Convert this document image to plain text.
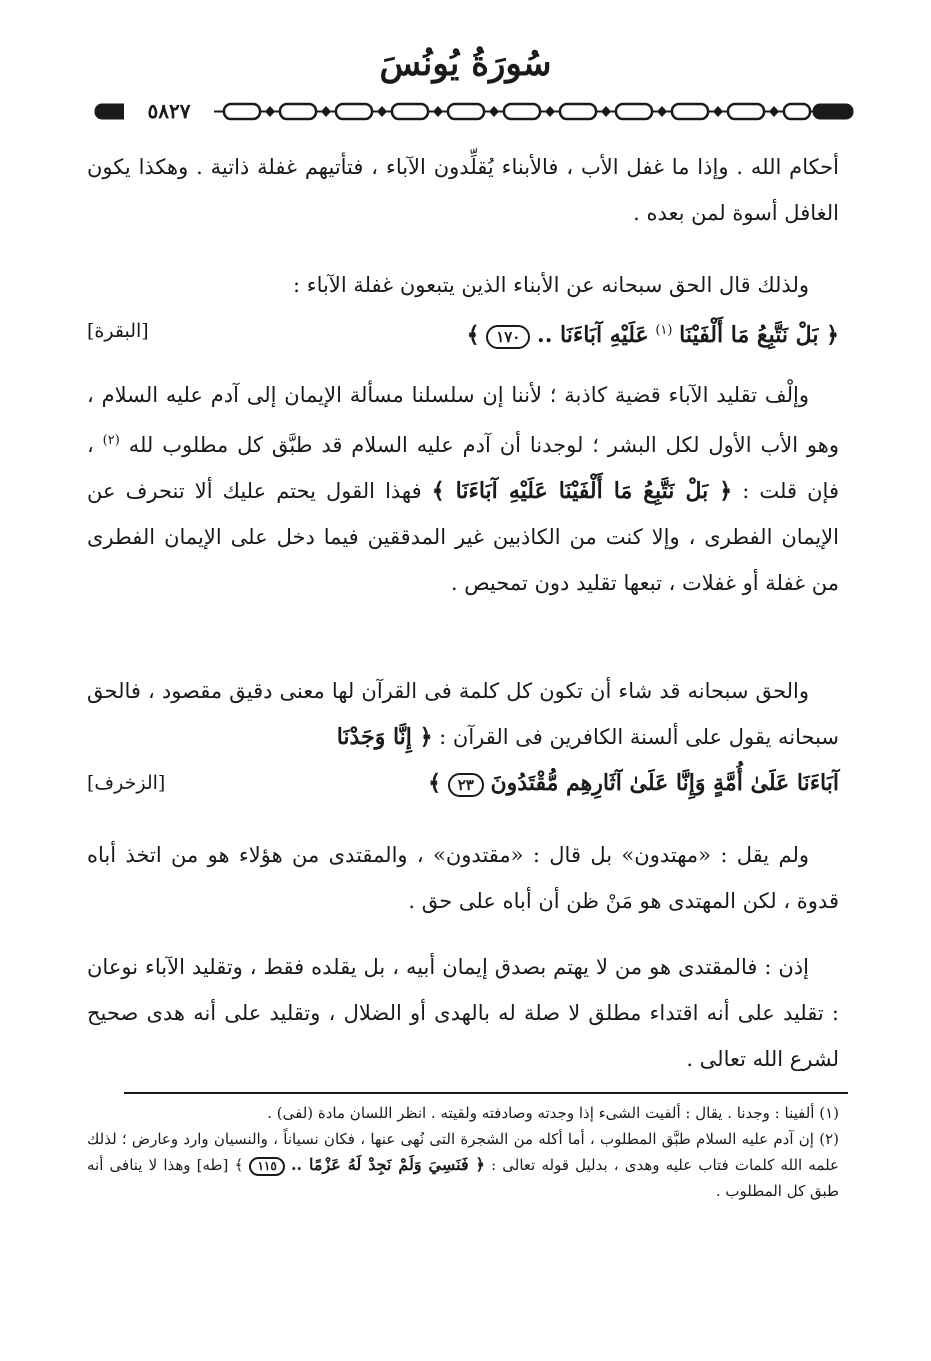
سُورَةُ يُونُسَ
٥٨٢٧

أحكام الله . وإذا ما غفل الأب ، فالأبناء يُقلِّدون الآباء ، فتأتيهم غفلة ذاتية . وهكذا يكون الغافل أسوة لمن بعده .

ولذلك قال الحق سبحانه عن الأبناء الذين يتبعون غفلة الآباء :

﴿ بَلْ نَتَّبِعُ مَا أَلْفَيْنَا $^{(١)}$ عَلَيْهِ آبَاءَنَا .. ١٧٠ ﴾
[البقرة]

وإلْف تقليد الآباء قضية كاذبة ؛ لأننا إن سلسلنا مسألة الإيمان إلى آدم عليه السلام ، وهو الأب الأول لكل البشر ؛ لوجدنا أن آدم عليه السلام قد طبَّق كل مطلوب لله $^{(٢)}$ ، فإن قلت : ﴿ بَلْ نَتَّبِعُ مَا أَلْفَيْنَا عَلَيْهِ آبَاءَنَا ﴾ فهذا القول يحتم عليك ألا تنحرف عن الإيمان الفطرى ، وإلا كنت من الكاذبين غير المدققين فيما دخل على الإيمان الفطرى من غفلة أو غفلات ، تبعها تقليد دون تمحيص .

والحق سبحانه قد شاء أن تكون كل كلمة فى القرآن لها معنى دقيق مقصود ، فالحق سبحانه يقول على ألسنة الكافرين فى القرآن : ﴿ إِنَّا وَجَدْنَا

آبَاءَنَا عَلَىٰ أُمَّةٍ وَإِنَّا عَلَىٰ آثَارِهِم مُّقْتَدُونَ ٢٣ ﴾
[الزخرف]

ولم يقل : «مهتدون» بل قال : «مقتدون» ، والمقتدى من هؤلاء هو من اتخذ أباه قدوة ، لكن المهتدى هو مَنْ ظن أن أباه على حق .

إذن : فالمقتدى هو من لا يهتم بصدق إيمان أبيه ، بل يقلده فقط ، وتقليد الآباء نوعان : تقليد على أنه اقتداء مطلق لا صلة له بالهدى أو الضلال ، وتقليد على أنه هدى صحيح لشرع الله تعالى .

(١) ألفينا : وجدنا . يقال : ألفيت الشىء إذا وجدته وصادفته ولقيته . انظر اللسان مادة (لفى) .

(٢) إن آدم عليه السلام طبَّق المطلوب ، أما أكله من الشجرة التى نُهى عنها ، فكان نسياناً ، والنسيان وارد وعارض ؛ لذلك علمه الله كلمات فتاب عليه وهدى ، بدليل قوله تعالى : ﴿ فَنَسِيَ وَلَمْ نَجِدْ لَهُ عَزْمًا .. ١١٥ ﴾ [طه] وهذا لا ينافى أنه طبق كل المطلوب .
